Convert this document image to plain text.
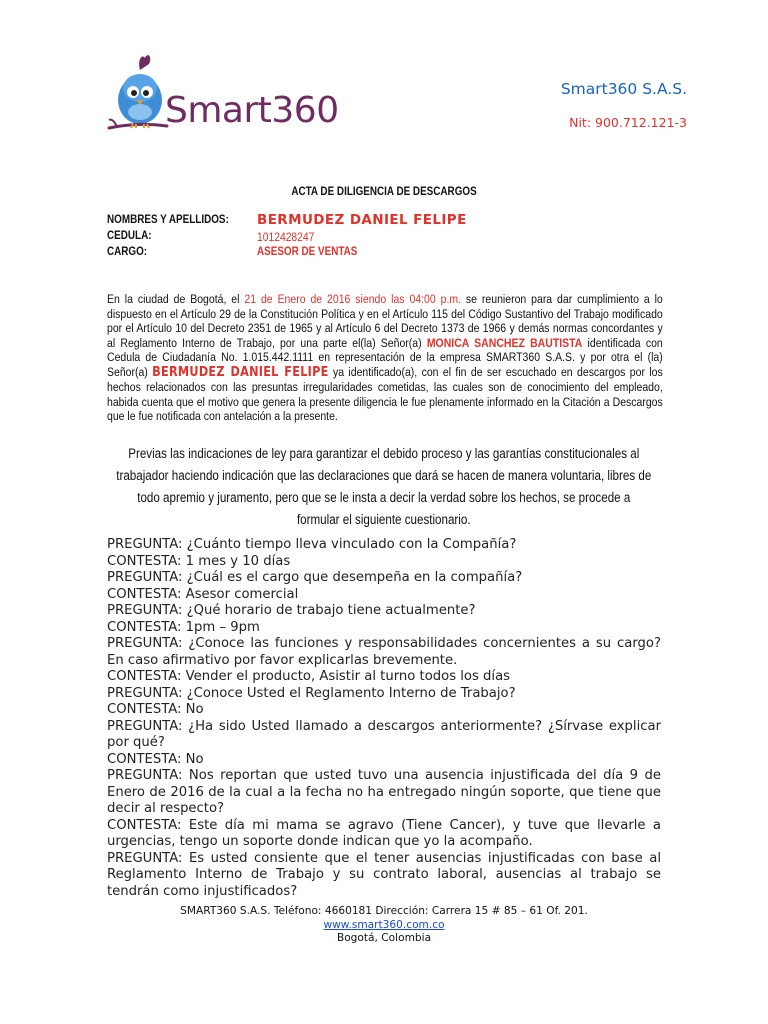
Smart360
Smart360 S.A.S.
Nit: 900.712.121-3
ACTA DE DILIGENCIA DE DESCARGOS
NOMBRES Y APELLIDOS: BERMUDEZ DANIEL FELIPE
CEDULA:	1012428247
CARGO:	ASESOR DE VENTAS
En la ciudad de Bogotá, el 21 de Enero de 2016 siendo las 04:00 p.m. se reunieron para dar cumplimiento a lo dispuesto en el Artículo 29 de la Constitución Política y en el Artículo 115 del Código Sustantivo del Trabajo modificado por el Artículo 10 del Decreto 2351 de 1965 y al Artículo 6 del Decreto 1373 de 1966 y demás normas concordantes y al Reglamento Interno de Trabajo, por una parte el(la) Señor(a) MONICA SANCHEZ BAUTISTA identificada con Cedula de Ciudadanía No. 1.015.442.1111 en representación de la empresa SMART360 S.A.S. y por otra el (la) Señor(a) BERMUDEZ DANIEL FELIPE ya identificado(a), con el fin de ser escuchado en descargos por los hechos relacionados con las presuntas irregularidades cometidas, las cuales son de conocimiento del empleado, habida cuenta que el motivo que genera la presente diligencia le fue plenamente informado en la Citación a Descargos que le fue notificada con antelación a la presente.
Previas las indicaciones de ley para garantizar el debido proceso y las garantías constitucionales al trabajador haciendo indicación que las declaraciones que dará se hacen de manera voluntaria, libres de todo apremio y juramento, pero que se le insta a decir la verdad sobre los hechos, se procede a formular el siguiente cuestionario.

PREGUNTA: ¿Cuánto tiempo lleva vinculado con la Compañía?

CONTESTA: 1 mes y 10 días

PREGUNTA: ¿Cuál es el cargo que desempeña en la compañía?

CONTESTA: Asesor comercial

PREGUNTA: ¿Qué horario de trabajo tiene actualmente?

CONTESTA: 1pm – 9pm

PREGUNTA: ¿Conoce las funciones y responsabilidades concernientes a su cargo? En caso afirmativo por favor explicarlas brevemente.

CONTESTA: Vender el producto, Asistir al turno todos los días

PREGUNTA: ¿Conoce Usted el Reglamento Interno de Trabajo?

CONTESTA: No

PREGUNTA: ¿Ha sido Usted llamado a descargos anteriormente? ¿Sírvase explicar por qué?

CONTESTA: No

PREGUNTA: Nos reportan que usted tuvo una ausencia injustificada del día 9 de Enero de 2016 de la cual a la fecha no ha entregado ningún soporte, que tiene que decir al respecto?

CONTESTA: Este día mi mama se agravo (Tiene Cancer), y tuve que llevarle a urgencias, tengo un soporte donde indican que yo la acompaño.

PREGUNTA: Es usted consiente que el tener ausencias injustificadas con base al Reglamento Interno de Trabajo y su contrato laboral, ausencias al trabajo se tendrán como injustificados?

SMART360 S.A.S. Teléfono: 4660181 Dirección: Carrera 15 # 85 – 61 Of. 201.
www.smart360.com.co
Bogotá, Colombia
